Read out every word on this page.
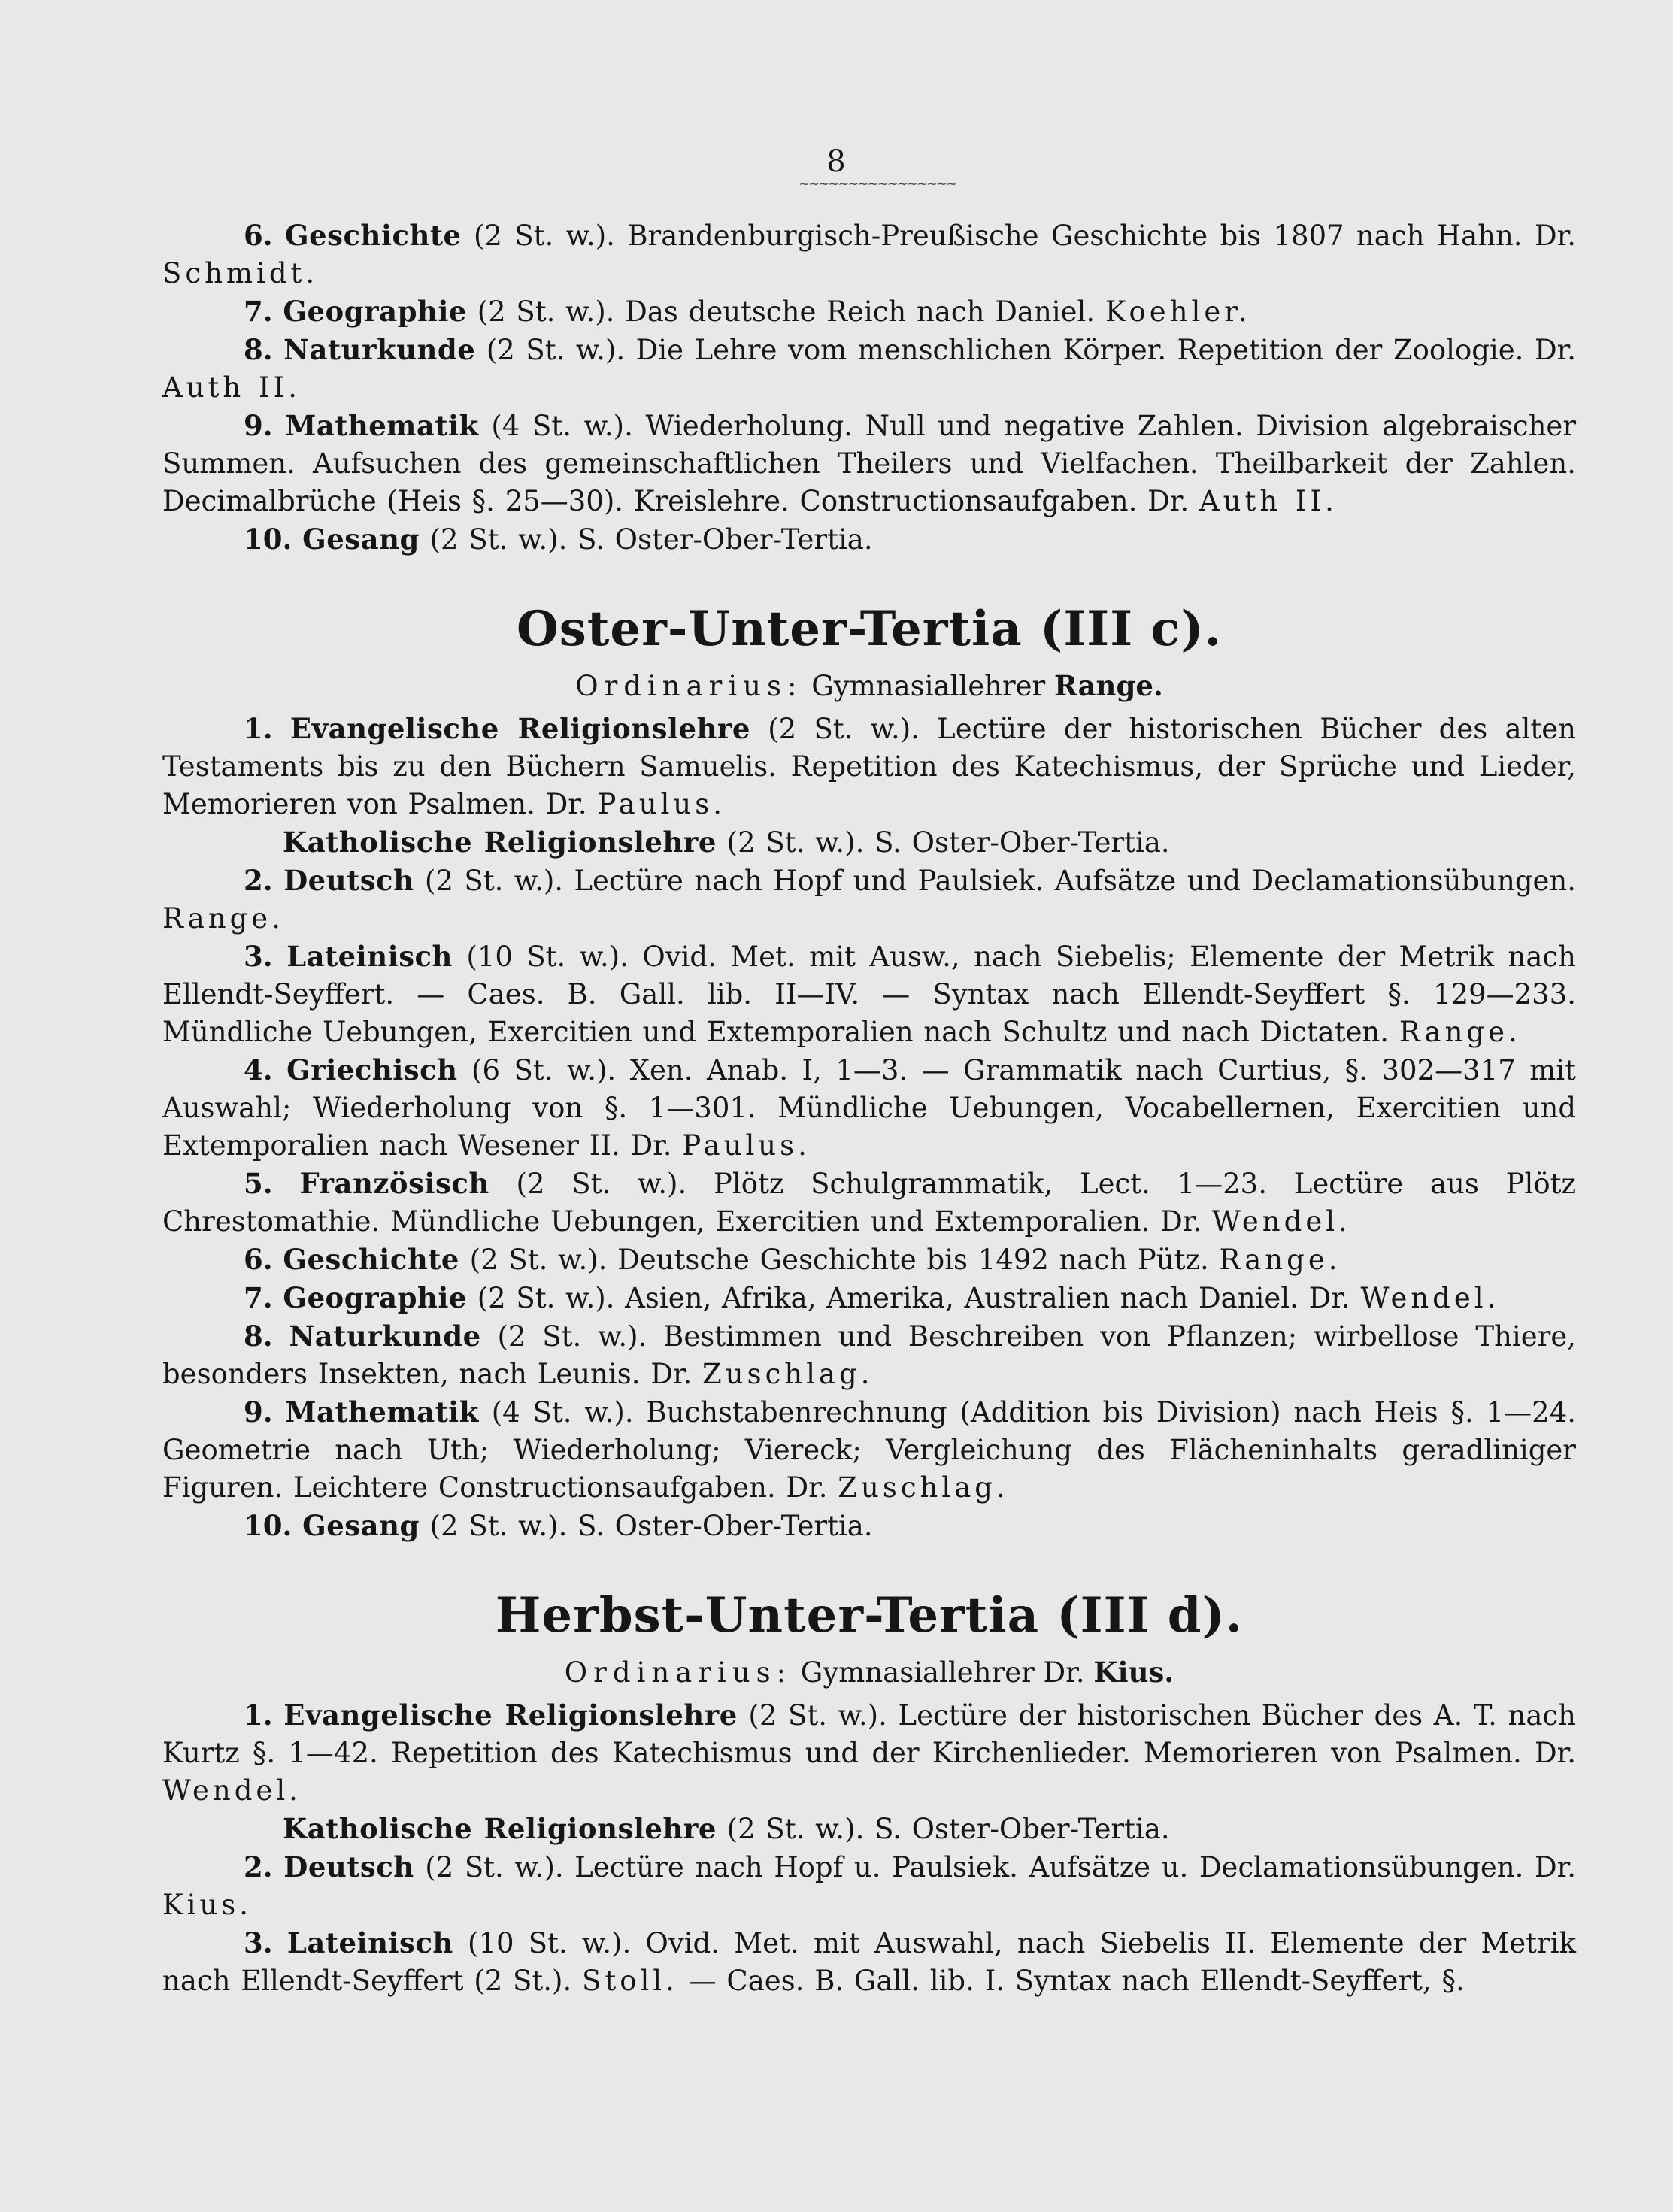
8
~~~~~~~~~~~~~~~~

6. Geschichte (2 St. w.). Brandenburgisch-Preußische Geschichte bis 1807 nach Hahn. Dr. Schmidt.

7. Geographie (2 St. w.). Das deutsche Reich nach Daniel. Koehler.

8. Naturkunde (2 St. w.). Die Lehre vom menschlichen Körper. Repetition der Zoologie. Dr. Auth II.

9. Mathematik (4 St. w.). Wiederholung. Null und negative Zahlen. Division algebraischer Summen. Aufsuchen des gemeinschaftlichen Theilers und Vielfachen. Theilbarkeit der Zahlen. Decimalbrüche (Heis §. 25—30). Kreislehre. Constructionsaufgaben. Dr. Auth II.

10. Gesang (2 St. w.). S. Oster-Ober-Tertia.

Oster-Unter-Tertia (III c).

Ordinarius: Gymnasiallehrer Range.

1. Evangelische Religionslehre (2 St. w.). Lectüre der historischen Bücher des alten Testaments bis zu den Büchern Samuelis. Repetition des Katechismus, der Sprüche und Lieder, Memorieren von Psalmen. Dr. Paulus.

Katholische Religionslehre (2 St. w.). S. Oster-Ober-Tertia.

2. Deutsch (2 St. w.). Lectüre nach Hopf und Paulsiek. Aufsätze und Declamationsübungen. Range.

3. Lateinisch (10 St. w.). Ovid. Met. mit Ausw., nach Siebelis; Elemente der Metrik nach Ellendt-Seyffert. — Caes. B. Gall. lib. II—IV. — Syntax nach Ellendt-Seyffert §. 129—233. Mündliche Uebungen, Exercitien und Extemporalien nach Schultz und nach Dictaten. Range.

4. Griechisch (6 St. w.). Xen. Anab. I, 1—3. — Grammatik nach Curtius, §. 302—317 mit Auswahl; Wiederholung von §. 1—301. Mündliche Uebungen, Vocabellernen, Exercitien und Extemporalien nach Wesener II. Dr. Paulus.

5. Französisch (2 St. w.). Plötz Schulgrammatik, Lect. 1—23. Lectüre aus Plötz Chrestomathie. Mündliche Uebungen, Exercitien und Extemporalien. Dr. Wendel.

6. Geschichte (2 St. w.). Deutsche Geschichte bis 1492 nach Pütz. Range.

7. Geographie (2 St. w.). Asien, Afrika, Amerika, Australien nach Daniel. Dr. Wendel.

8. Naturkunde (2 St. w.). Bestimmen und Beschreiben von Pflanzen; wirbellose Thiere, besonders Insekten, nach Leunis. Dr. Zuschlag.

9. Mathematik (4 St. w.). Buchstabenrechnung (Addition bis Division) nach Heis §. 1—24. Geometrie nach Uth; Wiederholung; Viereck; Vergleichung des Flächeninhalts geradliniger Figuren. Leichtere Constructionsaufgaben. Dr. Zuschlag.

10. Gesang (2 St. w.). S. Oster-Ober-Tertia.

Herbst-Unter-Tertia (III d).

Ordinarius: Gymnasiallehrer Dr. Kius.

1. Evangelische Religionslehre (2 St. w.). Lectüre der historischen Bücher des A. T. nach Kurtz §. 1—42. Repetition des Katechismus und der Kirchenlieder. Memorieren von Psalmen. Dr. Wendel.

Katholische Religionslehre (2 St. w.). S. Oster-Ober-Tertia.

2. Deutsch (2 St. w.). Lectüre nach Hopf u. Paulsiek. Aufsätze u. Declamationsübungen. Dr. Kius.

3. Lateinisch (10 St. w.). Ovid. Met. mit Auswahl, nach Siebelis II. Elemente der Metrik nach Ellendt-Seyffert (2 St.). Stoll. — Caes. B. Gall. lib. I. Syntax nach Ellendt-Seyffert, §.
